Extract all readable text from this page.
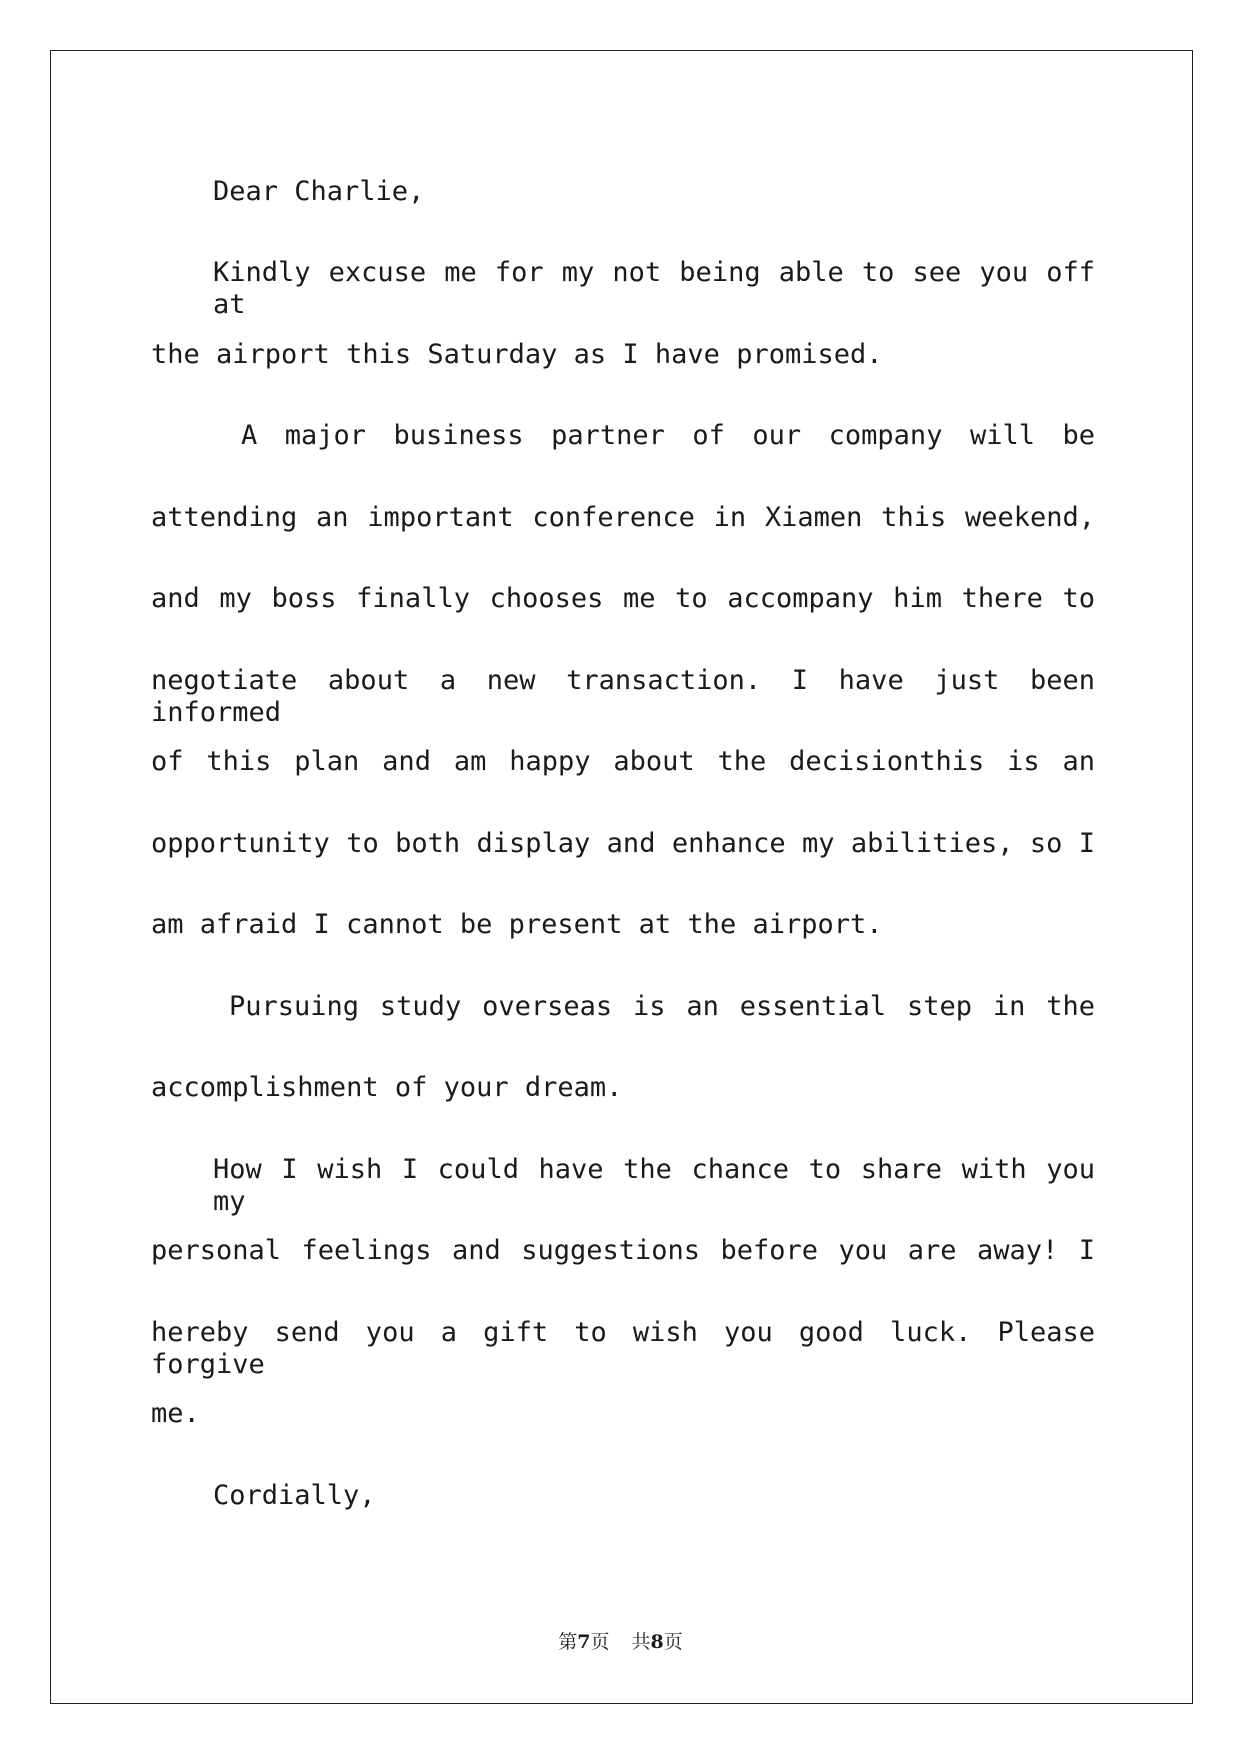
Dear Charlie,

Kindly excuse me for my not being able to see you off at

the airport this Saturday as I have promised.

A major business partner of our company will be

attending an important conference in Xiamen this weekend,

and my boss finally chooses me to accompany him there to

negotiate about a new transaction. I have just been informed

of this plan and am happy about the decisionthis is an

opportunity to both display and enhance my abilities, so I

am afraid I cannot be present at the airport.

Pursuing study overseas is an essential step in the

accomplishment of your dream.

How I wish I could have the chance to share with you my

personal feelings and suggestions before you are away! I

hereby send you a gift to wish you good luck. Please forgive

me.

Cordially,

第7页 共8页
